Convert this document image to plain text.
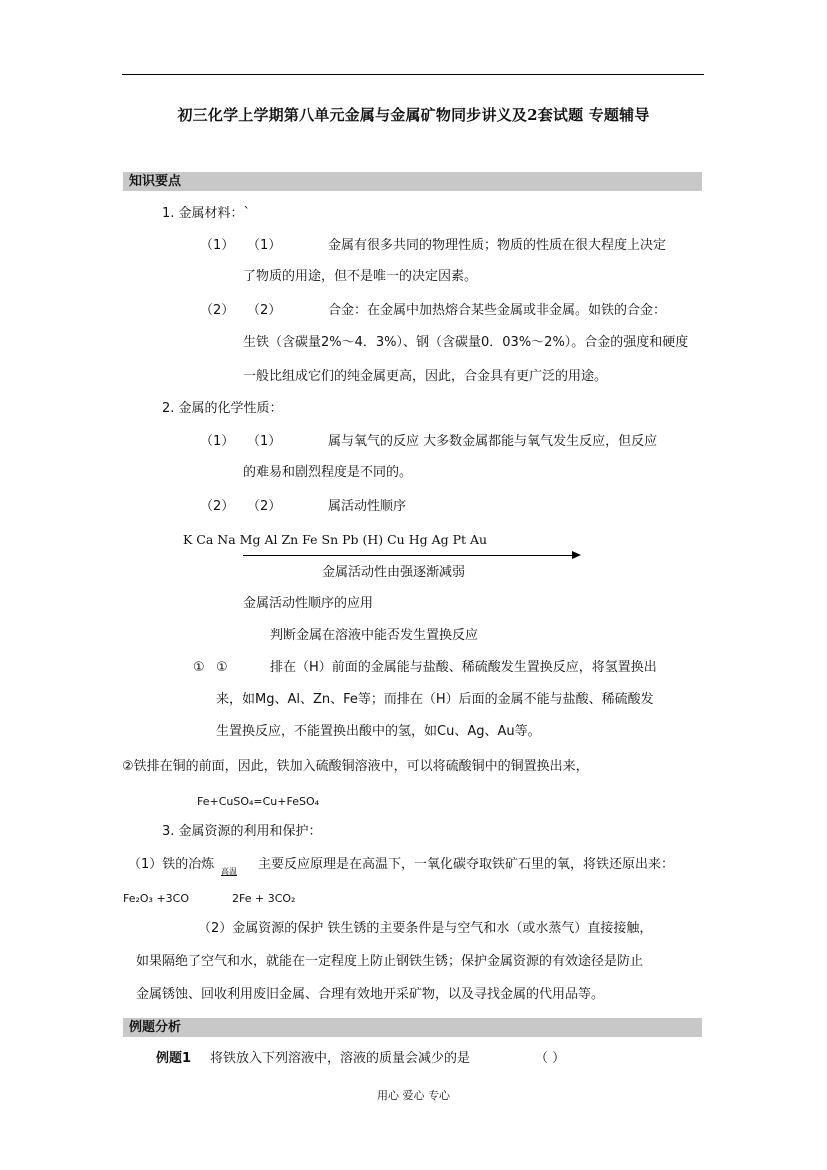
初三化学上学期第八单元金属与金属矿物同步讲义及2套试题 专题辅导
知识要点
1. 金属材料：`
（1） （1）	金属有很多共同的物理性质；物质的性质在很大程度上决定
了物质的用途，但不是唯一的决定因素。
（2） （2）	合金：在金属中加热熔合某些金属或非金属。如铁的合金：
生铁（含碳量2%～4．3%）、钢（含碳量0．03%～2%）。合金的强度和硬度
一般比组成它们的纯金属更高，因此，合金具有更广泛的用途。
2. 金属的化学性质：
（1） （1）	属与氧气的反应 大多数金属都能与氧气发生反应，但反应
的难易和剧烈程度是不同的。
（2） （2）	属活动性顺序
K Ca Na Mg Al Zn Fe Sn Pb (H) Cu Hg Ag Pt Au
金属活动性由强逐渐减弱
金属活动性顺序的应用
判断金属在溶液中能否发生置换反应
① ①	排在（H）前面的金属能与盐酸、稀硫酸发生置换反应，将氢置换出
来，如Mg、Al、Zn、Fe等；而排在（H）后面的金属不能与盐酸、稀硫酸发
生置换反应，不能置换出酸中的氢，如Cu、Ag、Au等。
②铁排在铜的前面，因此，铁加入硫酸铜溶液中，可以将硫酸铜中的铜置换出来，
Fe+CuSO₄=Cu+FeSO₄
3. 金属资源的利用和保护：
（1）铁的冶炼 高温 主要反应原理是在高温下，一氧化碳夺取铁矿石里的氧，将铁还原出来：
Fe₂O₃ +3CO	2Fe + 3CO₂
（2）金属资源的保护 铁生锈的主要条件是与空气和水（或水蒸气）直接接触，
如果隔绝了空气和水，就能在一定程度上防止钢铁生锈；保护金属资源的有效途径是防止
金属锈蚀、回收利用废旧金属、合理有效地开采矿物，以及寻找金属的代用品等。
例题分析
例题1 将铁放入下列溶液中，溶液的质量会减少的是	（ ）
用心 爱心 专心
